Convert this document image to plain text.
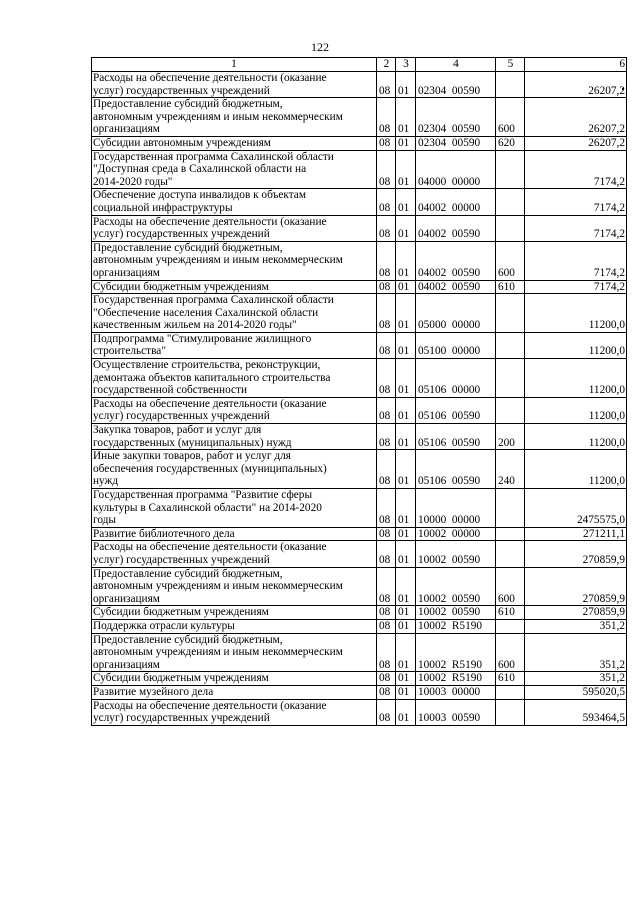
122
1	2	3	4	5	6
Расходы на обеспечение деятельности (оказание
услуг) государственных учреждений	08	01	02304  00590		26207,2
Предоставление субсидий бюджетным,
автономным учреждениям и иным некоммерческим
организациям	08	01	02304  00590	600	26207,2
Субсидии автономным учреждениям	08	01	02304  00590	620	26207,2
Государственная программа Сахалинской области
"Доступная среда в Сахалинской области на
2014-2020 годы"	08	01	04000  00000		7174,2
Обеспечение доступа инвалидов к объектам
социальной инфраструктуры	08	01	04002  00000		7174,2
Расходы на обеспечение деятельности (оказание
услуг) государственных учреждений	08	01	04002  00590		7174,2
Предоставление субсидий бюджетным,
автономным учреждениям и иным некоммерческим
организациям	08	01	04002  00590	600	7174,2
Субсидии бюджетным учреждениям	08	01	04002  00590	610	7174,2
Государственная программа Сахалинской области
"Обеспечение населения Сахалинской области
качественным жильем на 2014-2020 годы"	08	01	05000  00000		11200,0
Подпрограмма "Стимулирование жилищного
строительства"	08	01	05100  00000		11200,0
Осуществление строительства, реконструкции,
демонтажа объектов капитального строительства
государственной собственности	08	01	05106  00000		11200,0
Расходы на обеспечение деятельности (оказание
услуг) государственных учреждений	08	01	05106  00590		11200,0
Закупка товаров, работ и услуг для
государственных (муниципальных) нужд	08	01	05106  00590	200	11200,0
Иные закупки товаров, работ и услуг для
обеспечения государственных (муниципальных)
нужд	08	01	05106  00590	240	11200,0
Государственная программа "Развитие сферы
культуры в Сахалинской области" на 2014-2020
годы	08	01	10000  00000		2475575,0
Развитие библиотечного дела	08	01	10002  00000		271211,1
Расходы на обеспечение деятельности (оказание
услуг) государственных учреждений	08	01	10002  00590		270859,9
Предоставление субсидий бюджетным,
автономным учреждениям и иным некоммерческим
организациям	08	01	10002  00590	600	270859,9
Субсидии бюджетным учреждениям	08	01	10002  00590	610	270859,9
Поддержка отрасли культуры	08	01	10002  R5190		351,2
Предоставление субсидий бюджетным,
автономным учреждениям и иным некоммерческим
организациям	08	01	10002  R5190	600	351,2
Субсидии бюджетным учреждениям	08	01	10002  R5190	610	351,2
Развитие музейного дела	08	01	10003  00000		595020,5
Расходы на обеспечение деятельности (оказание
услуг) государственных учреждений	08	01	10003  00590		593464,5
